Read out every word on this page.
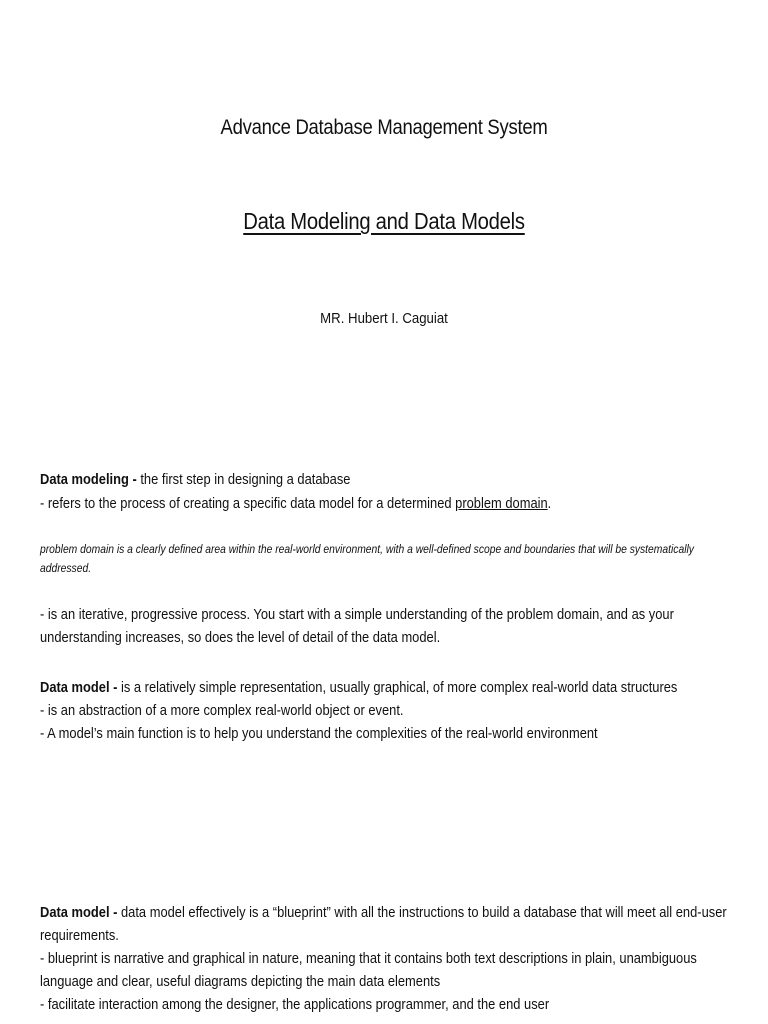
Advance Database Management System
Data Modeling and Data Models
MR. Hubert I. Caguiat
Data modeling - the first step in designing a database
- refers to the process of creating a specific data model for a determined problem domain.
problem domain is a clearly defined area within the real-world environment, with a well-defined scope and boundaries that will be systematically addressed.
- is an iterative, progressive process. You start with a simple understanding of the problem domain, and as your understanding increases, so does the level of detail of the data model.
Data model - is a relatively simple representation, usually graphical, of more complex real-world data structures
- is an abstraction of a more complex real-world object or event.
- A model’s main function is to help you understand the complexities of the real-world environment
Data model - data model effectively is a “blueprint” with all the instructions to build a database that will meet all end-user requirements.
- blueprint is narrative and graphical in nature, meaning that it contains both text descriptions in plain, unambiguous language and clear, useful diagrams depicting the main data elements
- facilitate interaction among the designer, the applications programmer, and the end user
